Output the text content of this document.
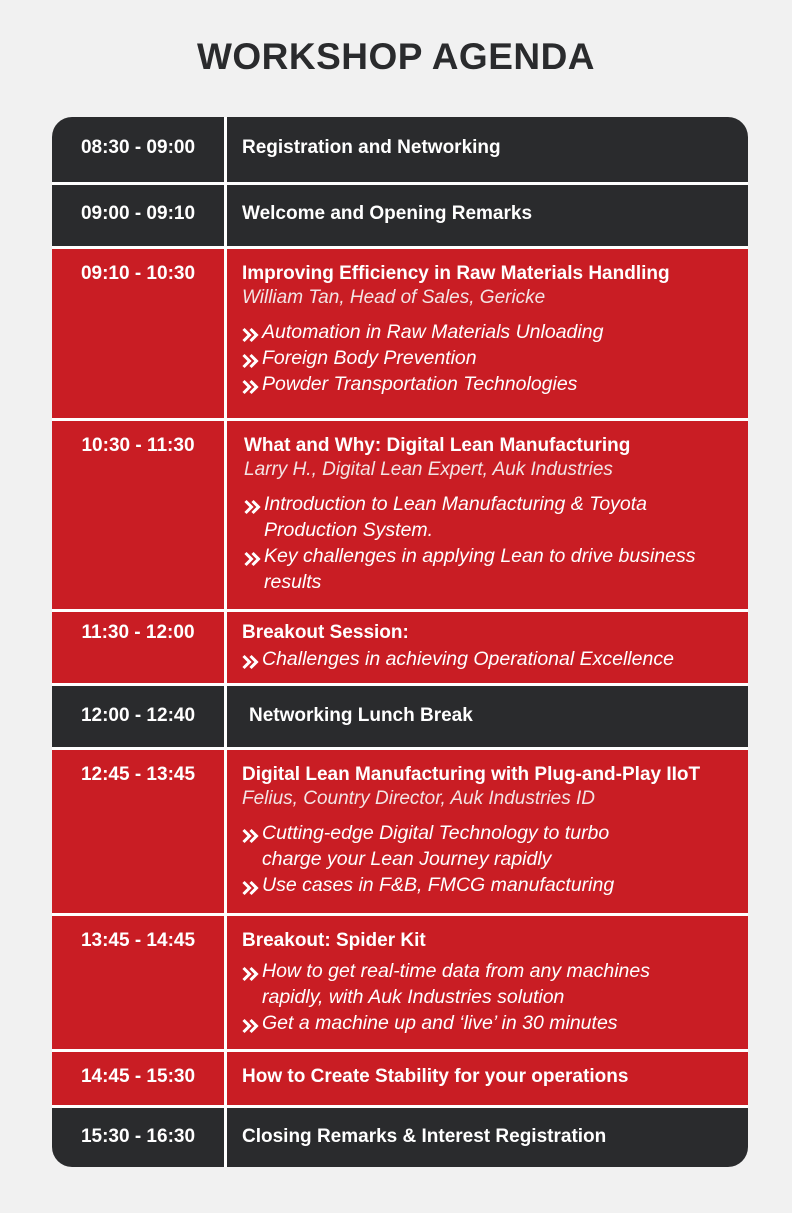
WORKSHOP AGENDA
08:30 - 09:00	Registration and Networking
09:00 - 09:10	Welcome and Opening Remarks
09:10 - 10:30	Improving Efficiency in Raw Materials Handling
William Tan, Head of Sales, Gericke
Automation in Raw Materials Unloading
Foreign Body Prevention
Powder Transportation Technologies
10:30 - 11:30	What and Why: Digital Lean Manufacturing
Larry H., Digital Lean Expert, Auk Industries
Introduction to Lean Manufacturing & Toyota Production System.
Key challenges in applying Lean to drive business results
11:30 - 12:00	Breakout Session:
Challenges in achieving Operational Excellence
12:00 - 12:40	Networking Lunch Break
12:45 - 13:45	Digital Lean Manufacturing with Plug-and-Play IIoT
Felius, Country Director, Auk Industries ID
Cutting-edge Digital Technology to turbo charge your Lean Journey rapidly
Use cases in F&B, FMCG manufacturing
13:45 - 14:45	Breakout: Spider Kit
How to get real-time data from any machines rapidly, with Auk Industries solution
Get a machine up and ‘live’ in 30 minutes
14:45 - 15:30	How to Create Stability for your operations
15:30 - 16:30	Closing Remarks & Interest Registration
